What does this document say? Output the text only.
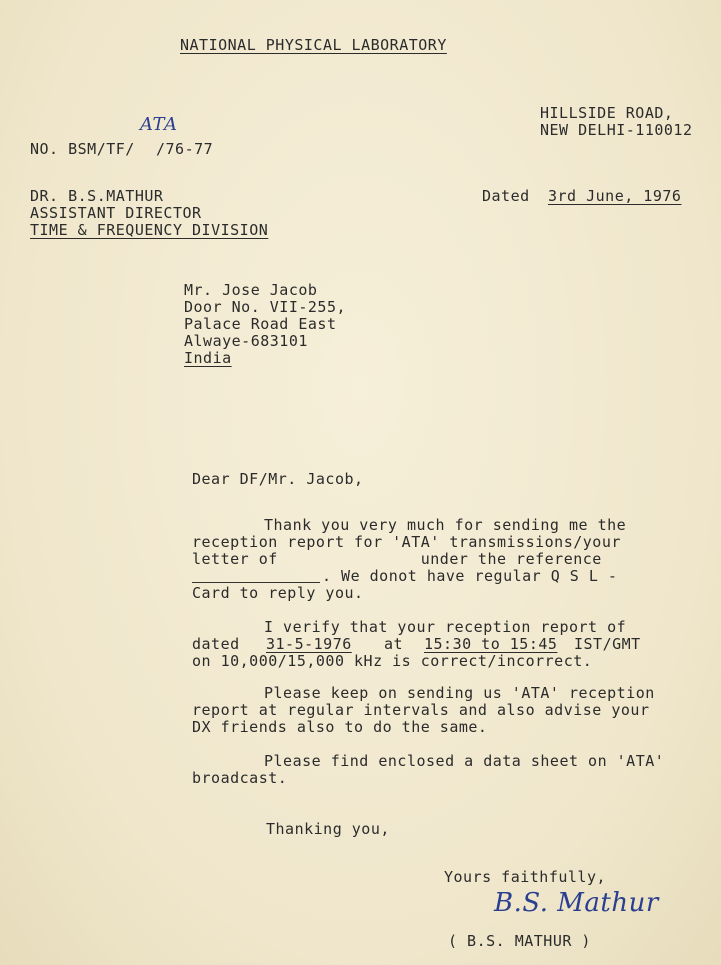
NATIONAL PHYSICAL LABORATORY
HILLSIDE ROAD,
NEW DELHI-110012
NO. BSM/TF/
ATA
/76-77
DR. B.S.MATHUR
ASSISTANT DIRECTOR
TIME & FREQUENCY DIVISION
Dated 3rd June, 1976
Mr. Jose Jacob
Door No. VII-255,
Palace Road East
Alwaye-683101
India
Dear DF/Mr. Jacob,
Thank you very much for sending me the
reception report for 'ATA' transmissions/your
letter of               under the reference
. We donot have regular Q S L -
Card to reply you.
I verify that your reception report of
dated 31-5-1976 at 15:30 to 15:45 IST/GMT
on 10,000/15,000 kHz is correct/incorrect.
Please keep on sending us 'ATA' reception
report at regular intervals and also advise your
DX friends also to do the same.
Please find enclosed a data sheet on 'ATA'
broadcast.
Thanking you,
Yours faithfully,
B.S. Mathur
( B.S. MATHUR )
